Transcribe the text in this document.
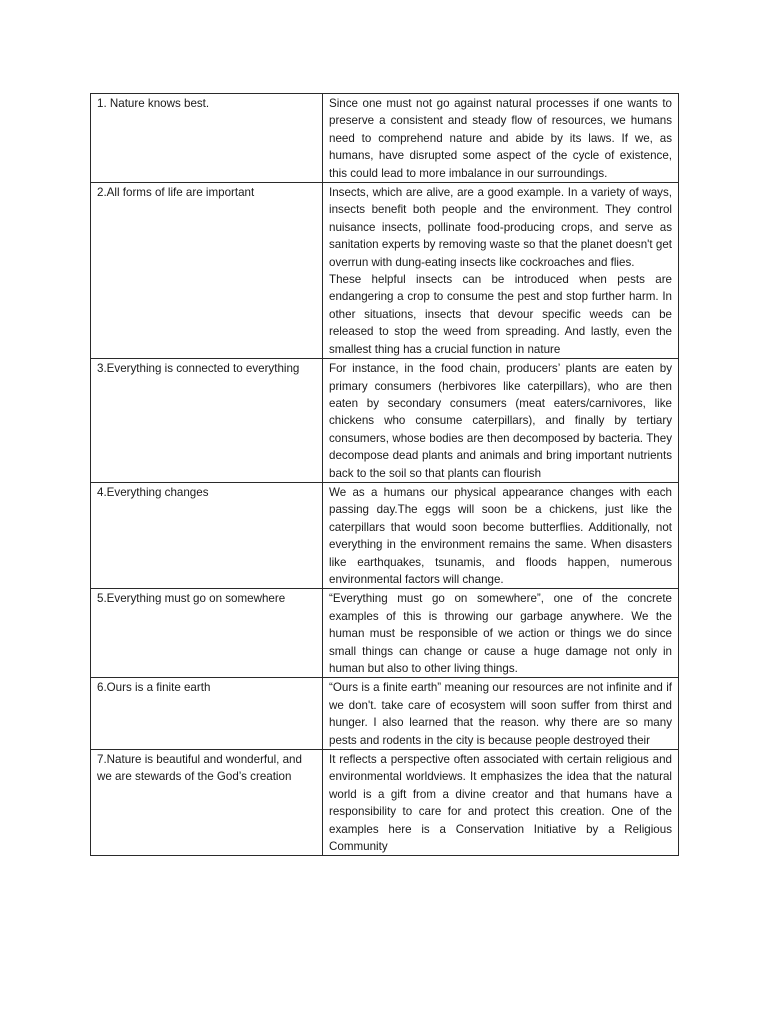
1. Nature knows best.	Since one must not go against natural processes if one wants to preserve a consistent and steady flow of resources, we humans need to comprehend nature and abide by its laws. If we, as humans, have disrupted some aspect of the cycle of existence, this could lead to more imbalance in our surroundings.

2.All forms of life are important	Insects, which are alive, are a good example. In a variety of ways, insects benefit both people and the environment. They control nuisance insects, pollinate food-producing crops, and serve as sanitation experts by removing waste so that the planet doesn't get overrun with dung-eating insects like cockroaches and flies.
These helpful insects can be introduced when pests are endangering a crop to consume the pest and stop further harm. In other situations, insects that devour specific weeds can be released to stop the weed from spreading. And lastly, even the smallest thing has a crucial function in nature

3.Everything is connected to everything	For instance, in the food chain, producers’ plants are eaten by primary consumers (herbivores like caterpillars), who are then eaten by secondary consumers (meat eaters/carnivores, like chickens who consume caterpillars), and finally by tertiary consumers, whose bodies are then decomposed by bacteria. They decompose dead plants and animals and bring important nutrients back to the soil so that plants can flourish

4.Everything changes	We as a humans our physical appearance changes with each passing day.The eggs will soon be a chickens, just like the caterpillars that would soon become butterflies. Additionally, not everything in the environment remains the same. When disasters like earthquakes, tsunamis, and floods happen, numerous environmental factors will change.

5.Everything must go on somewhere	“Everything must go on somewhere”, one of the concrete examples of this is throwing our garbage anywhere. We the human must be responsible of we action or things we do since small things can change or cause a huge damage not only in human but also to other living things.

6.Ours is a finite earth	“Ours is a finite earth” meaning our resources are not infinite and if we don't. take care of ecosystem will soon suffer from thirst and hunger. I also learned that the reason. why there are so many pests and rodents in the city is because people destroyed their

7.Nature is beautiful and wonderful, and we are stewards of the God’s creation	It reflects a perspective often associated with certain religious and environmental worldviews. It emphasizes the idea that the natural world is a gift from a divine creator and that humans have a responsibility to care for and protect this creation. One of the examples here is a Conservation Initiative by a Religious Community
